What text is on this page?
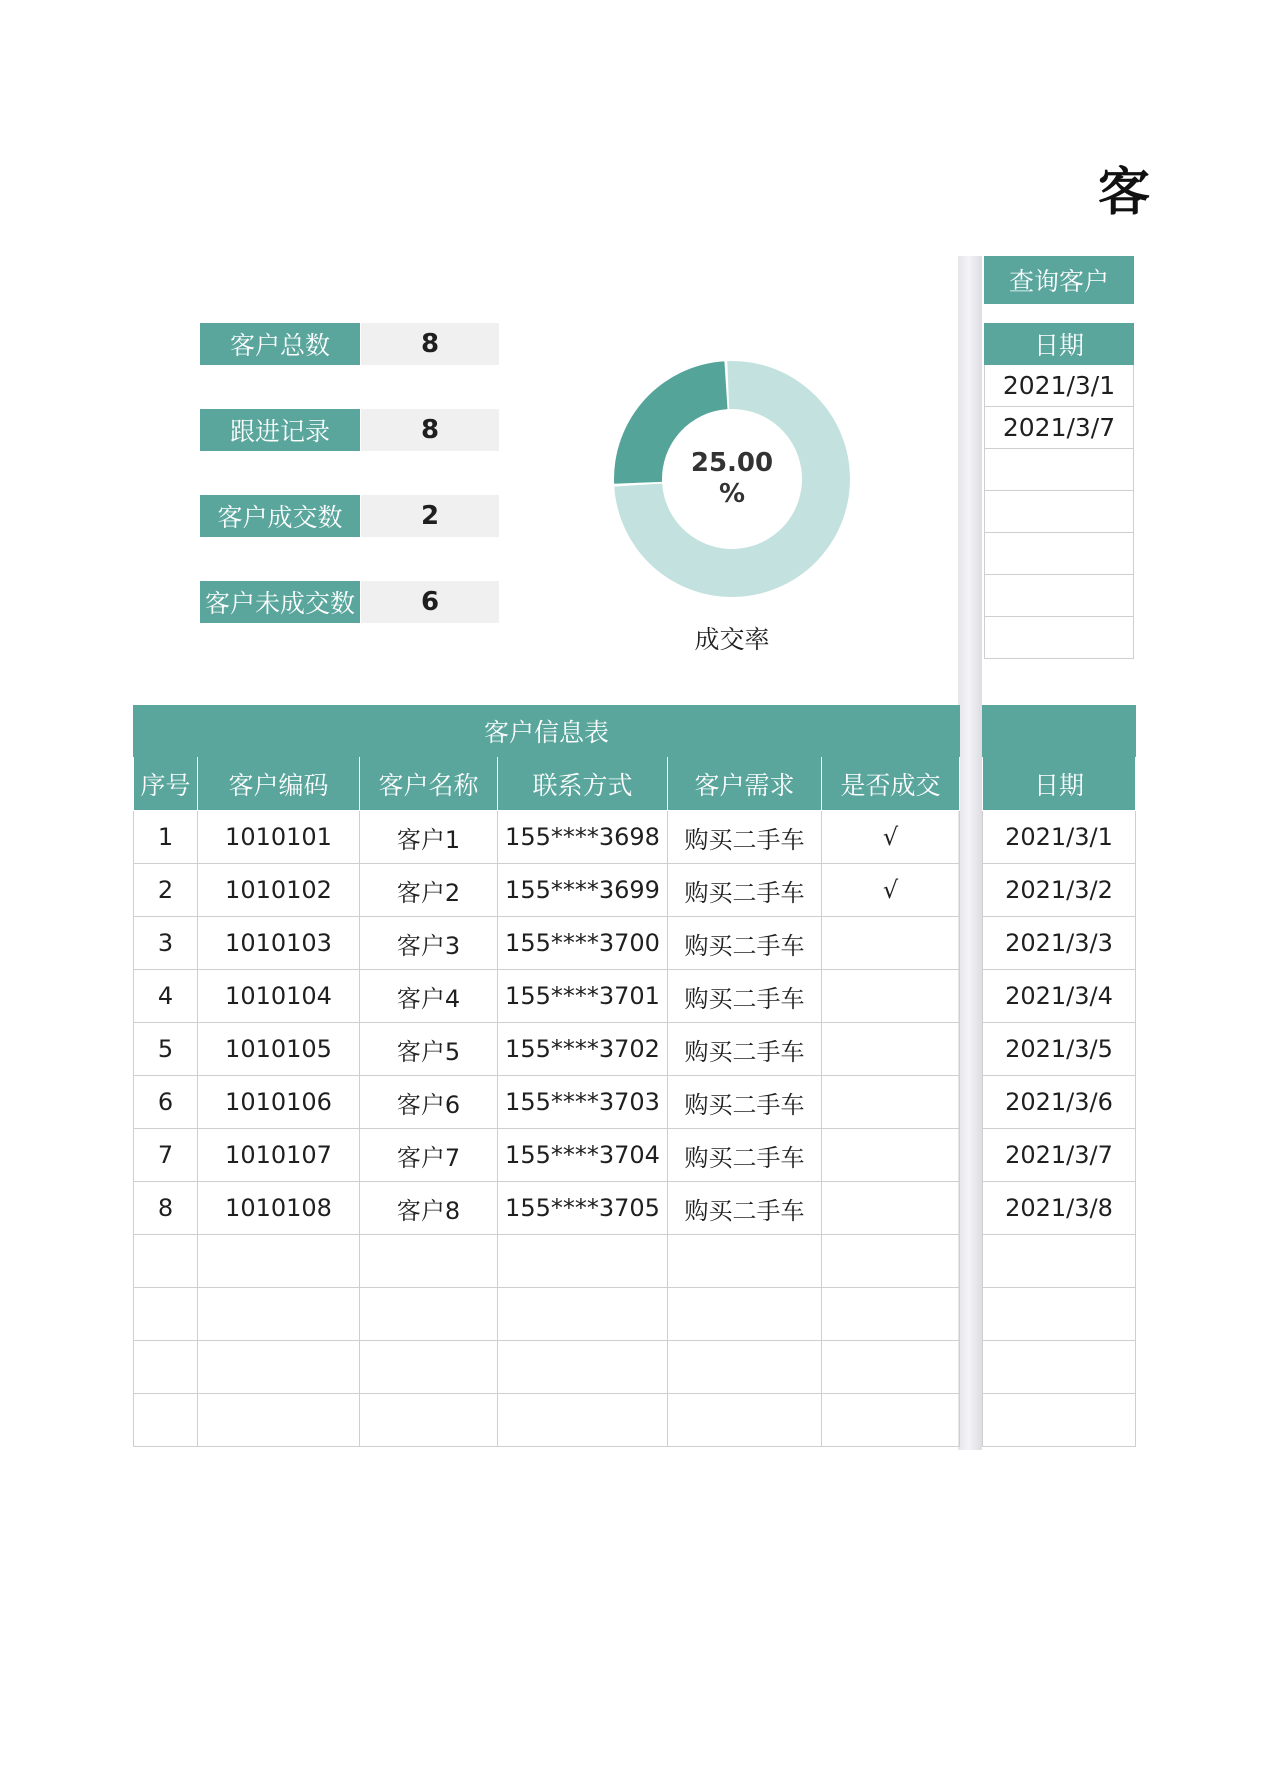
客
客户总数	8
跟进记录	8
客户成交数	2
客户未成交数	6
25.00
%
成交率
查询客户
日期
2021/3/1
2021/3/7
客户信息表					
序号	客户编码	客户名称	联系方式	客户需求	是否成交
1	1010101	客户1	155****3698	购买二手车	√
2	1010102	客户2	155****3699	购买二手车	√
3	1010103	客户3	155****3700	购买二手车	
4	1010104	客户4	155****3701	购买二手车	
5	1010105	客户5	155****3702	购买二手车	
6	1010106	客户6	155****3703	购买二手车	
7	1010107	客户7	155****3704	购买二手车	
8	1010108	客户8	155****3705	购买二手车	

日期
2021/3/1
2021/3/2
2021/3/3
2021/3/4
2021/3/5
2021/3/6
2021/3/7
2021/3/8
